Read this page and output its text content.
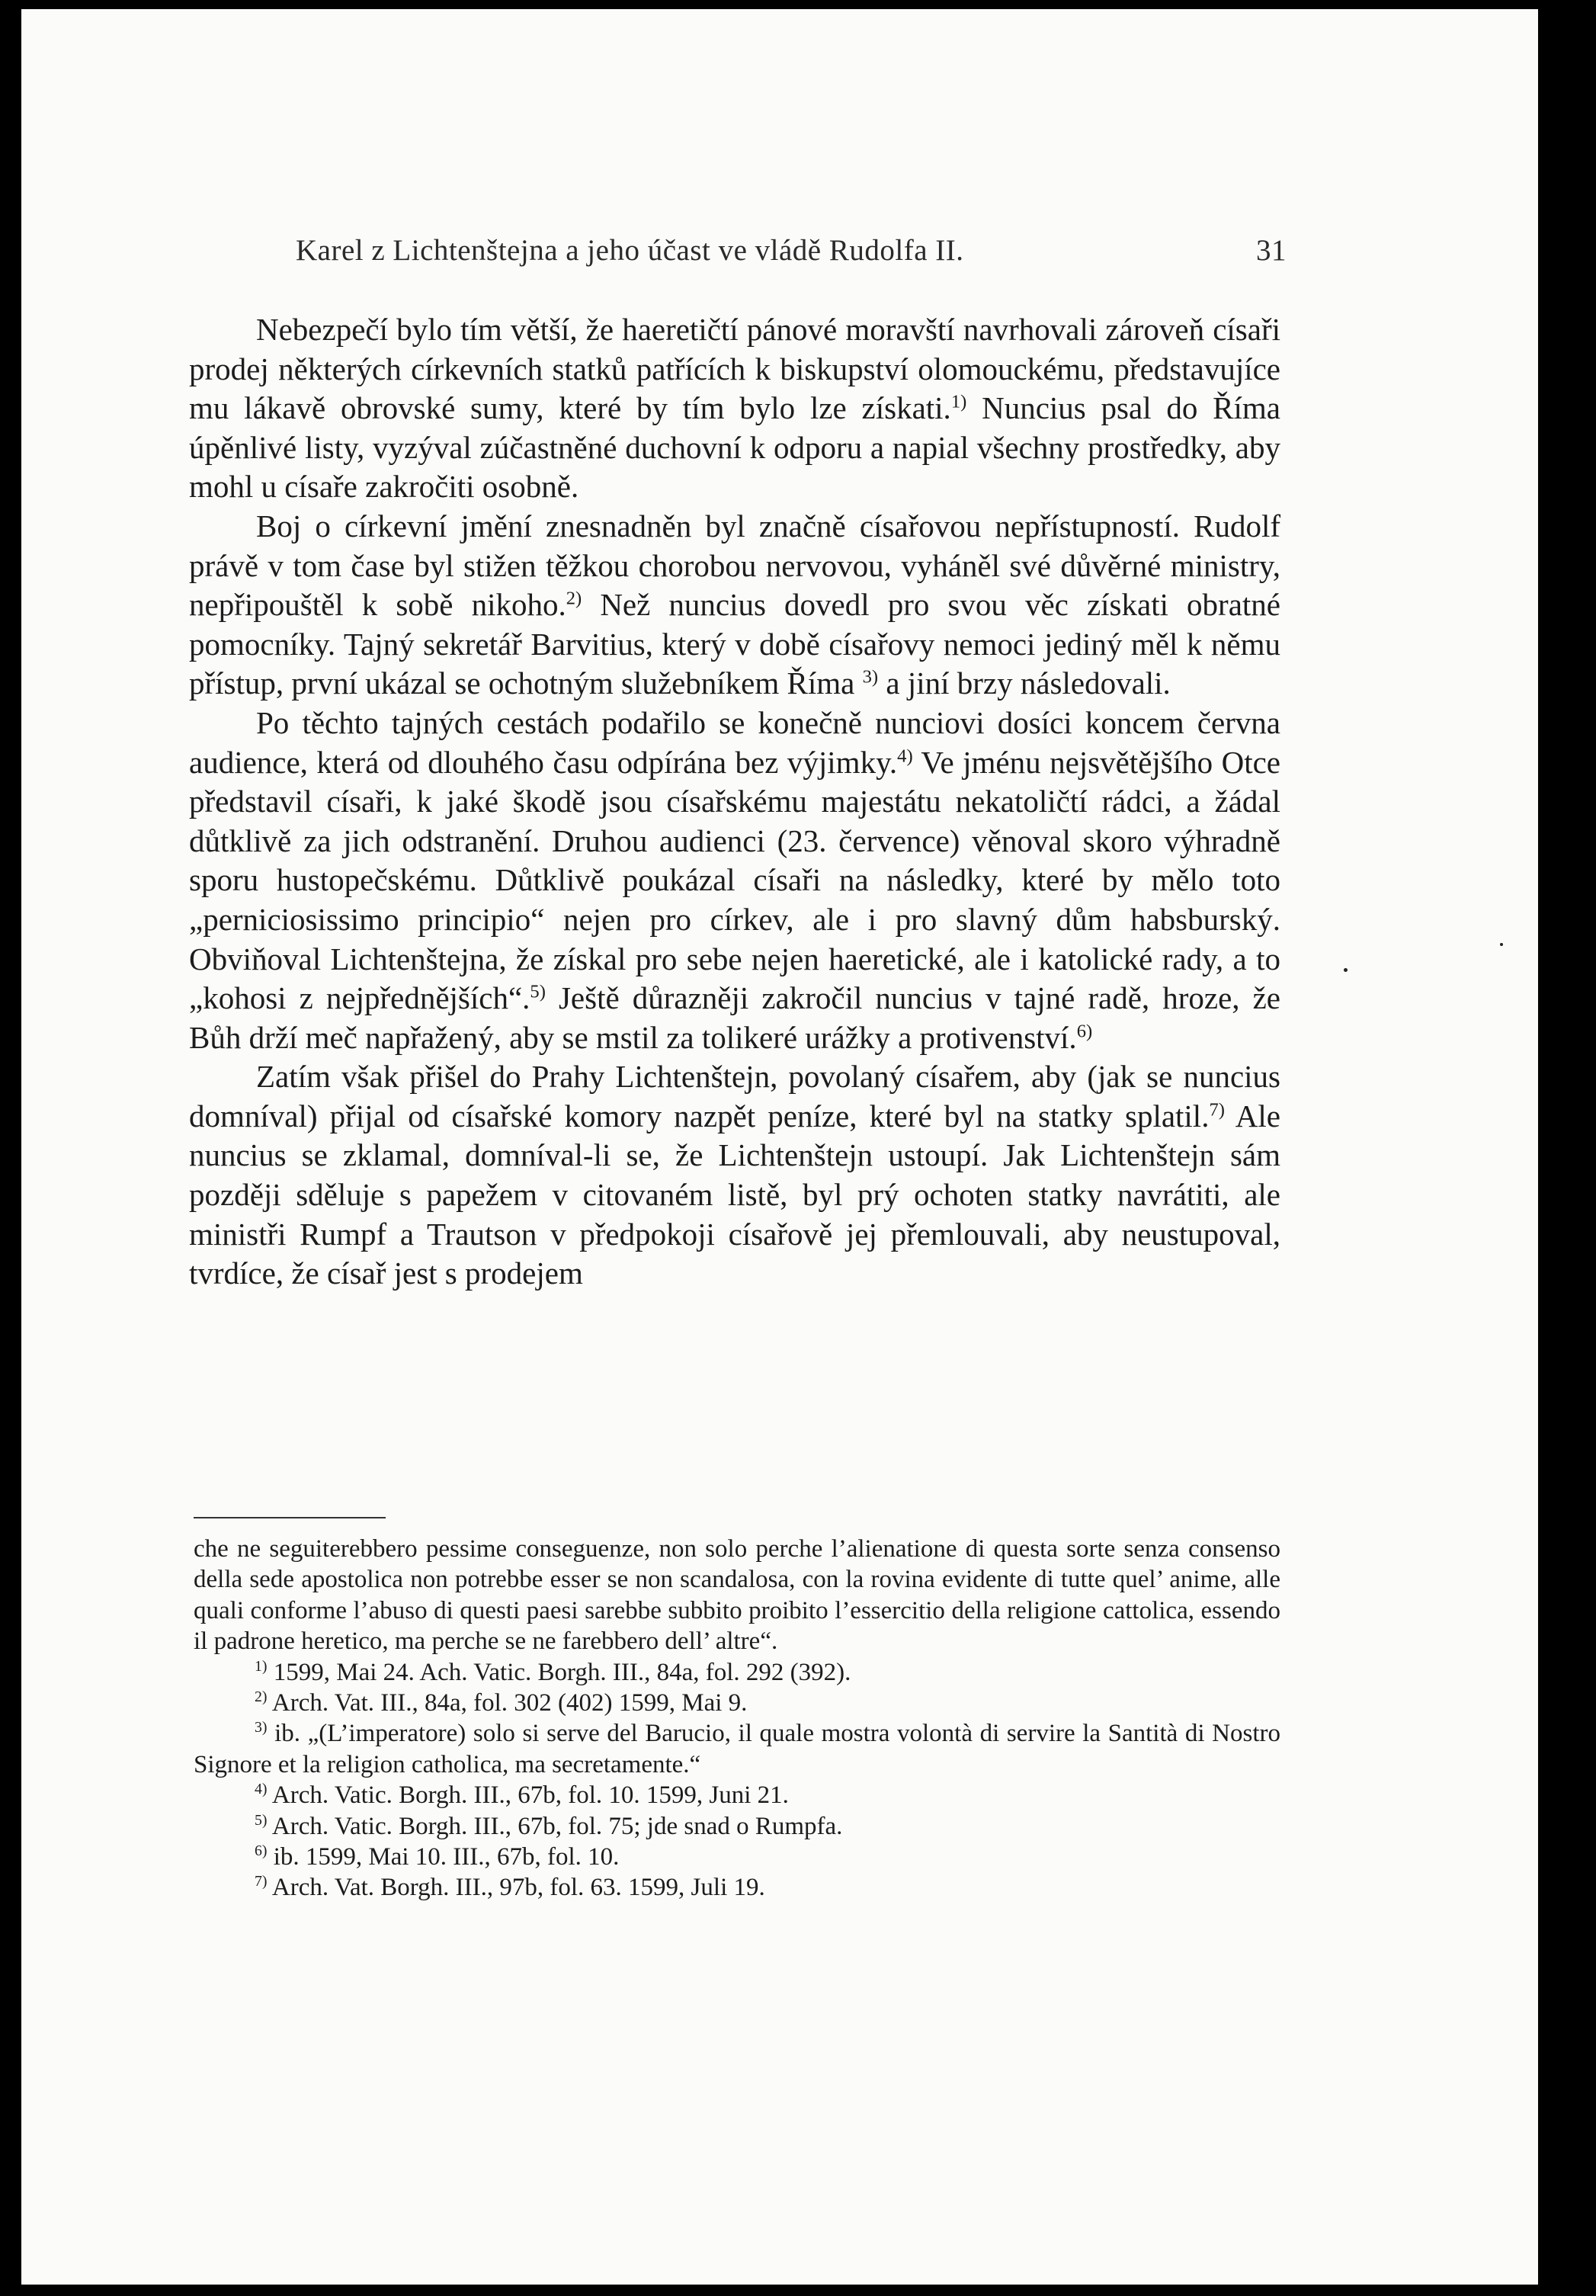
Karel z Lichtenštejna a jeho účast ve vládě Rudolfa II.	31

Nebezpečí bylo tím větší, že haeretičtí pánové moravští navrhovali zároveň císaři prodej některých církevních statků patřících k biskupství olomouckému, představujíce mu lákavě obrovské sumy, které by tím bylo lze získati.$^{1)}$ Nuncius psal do Říma úpěnlivé listy, vyzýval zúčastněné duchovní k odporu a napial všechny prostředky, aby mohl u císaře zakročiti osobně.

Boj o církevní jmění znesnadněn byl značně císařovou nepřístupností. Rudolf právě v tom čase byl stižen těžkou chorobou nervovou, vyháněl své důvěrné ministry, nepřipouštěl k sobě nikoho.$^{2)}$ Než nuncius dovedl pro svou věc získati obratné pomocníky. Tajný sekretář Barvitius, který v době císařovy nemoci jediný měl k němu přístup, první ukázal se ochotným služebníkem Říma $^{3)}$ a jiní brzy následovali.

Po těchto tajných cestách podařilo se konečně nunciovi dosíci koncem června audience, která od dlouhého času odpírána bez výjimky.$^{4)}$ Ve jménu nejsvětějšího Otce představil císaři, k jaké škodě jsou císařskému majestátu nekatoličtí rádci, a žádal důtklivě za jich odstranění. Druhou audienci (23. července) věnoval skoro výhradně sporu hustopečskému. Důtklivě poukázal císaři na následky, které by mělo toto „perniciosissimo principio“ nejen pro církev, ale i pro slavný dům habsburský. Obviňoval Lichtenštejna, že získal pro sebe nejen haeretické, ale i katolické rady, a to „kohosi z nejpřednějších“.$^{5)}$ Ještě důrazněji zakročil nuncius v tajné radě, hroze, že Bůh drží meč napřažený, aby se mstil za tolikeré urážky a protivenství.$^{6)}$

Zatím však přišel do Prahy Lichtenštejn, povolaný císařem, aby (jak se nuncius domníval) přijal od císařské komory nazpět peníze, které byl na statky splatil.$^{7)}$ Ale nuncius se zklamal, domníval-li se, že Lichtenštejn ustoupí. Jak Lichtenštejn sám později sděluje s papežem v citovaném listě, byl prý ochoten statky navrátiti, ale ministři Rumpf a Trautson v předpokoji císařově jej přemlouvali, aby neustupoval, tvrdíce, že císař jest s prodejem

che ne seguiterebbero pessime conseguenze, non solo perche l’alienatione di questa sorte senza consenso della sede apostolica non potrebbe esser se non scandalosa, con la rovina evidente di tutte quel’ anime, alle quali conforme l’abuso di questi paesi sarebbe subbito proibito l’essercitio della religione cattolica, essendo il padrone heretico, ma perche se ne farebbero dell’ altre“.

$^{1)}$ 1599, Mai 24. Ach. Vatic. Borgh. III., 84a, fol. 292 (392).

$^{2)}$ Arch. Vat. III., 84a, fol. 302 (402) 1599, Mai 9.

$^{3)}$ ib. „(L’imperatore) solo si serve del Barucio, il quale mostra volontà di servire la Santità di Nostro Signore et la religion catholica, ma secretamente.“

$^{4)}$ Arch. Vatic. Borgh. III., 67b, fol. 10. 1599, Juni 21.

$^{5)}$ Arch. Vatic. Borgh. III., 67b, fol. 75; jde snad o Rumpfa.

$^{6)}$ ib. 1599, Mai 10. III., 67b, fol. 10.

$^{7)}$ Arch. Vat. Borgh. III., 97b, fol. 63. 1599, Juli 19.
